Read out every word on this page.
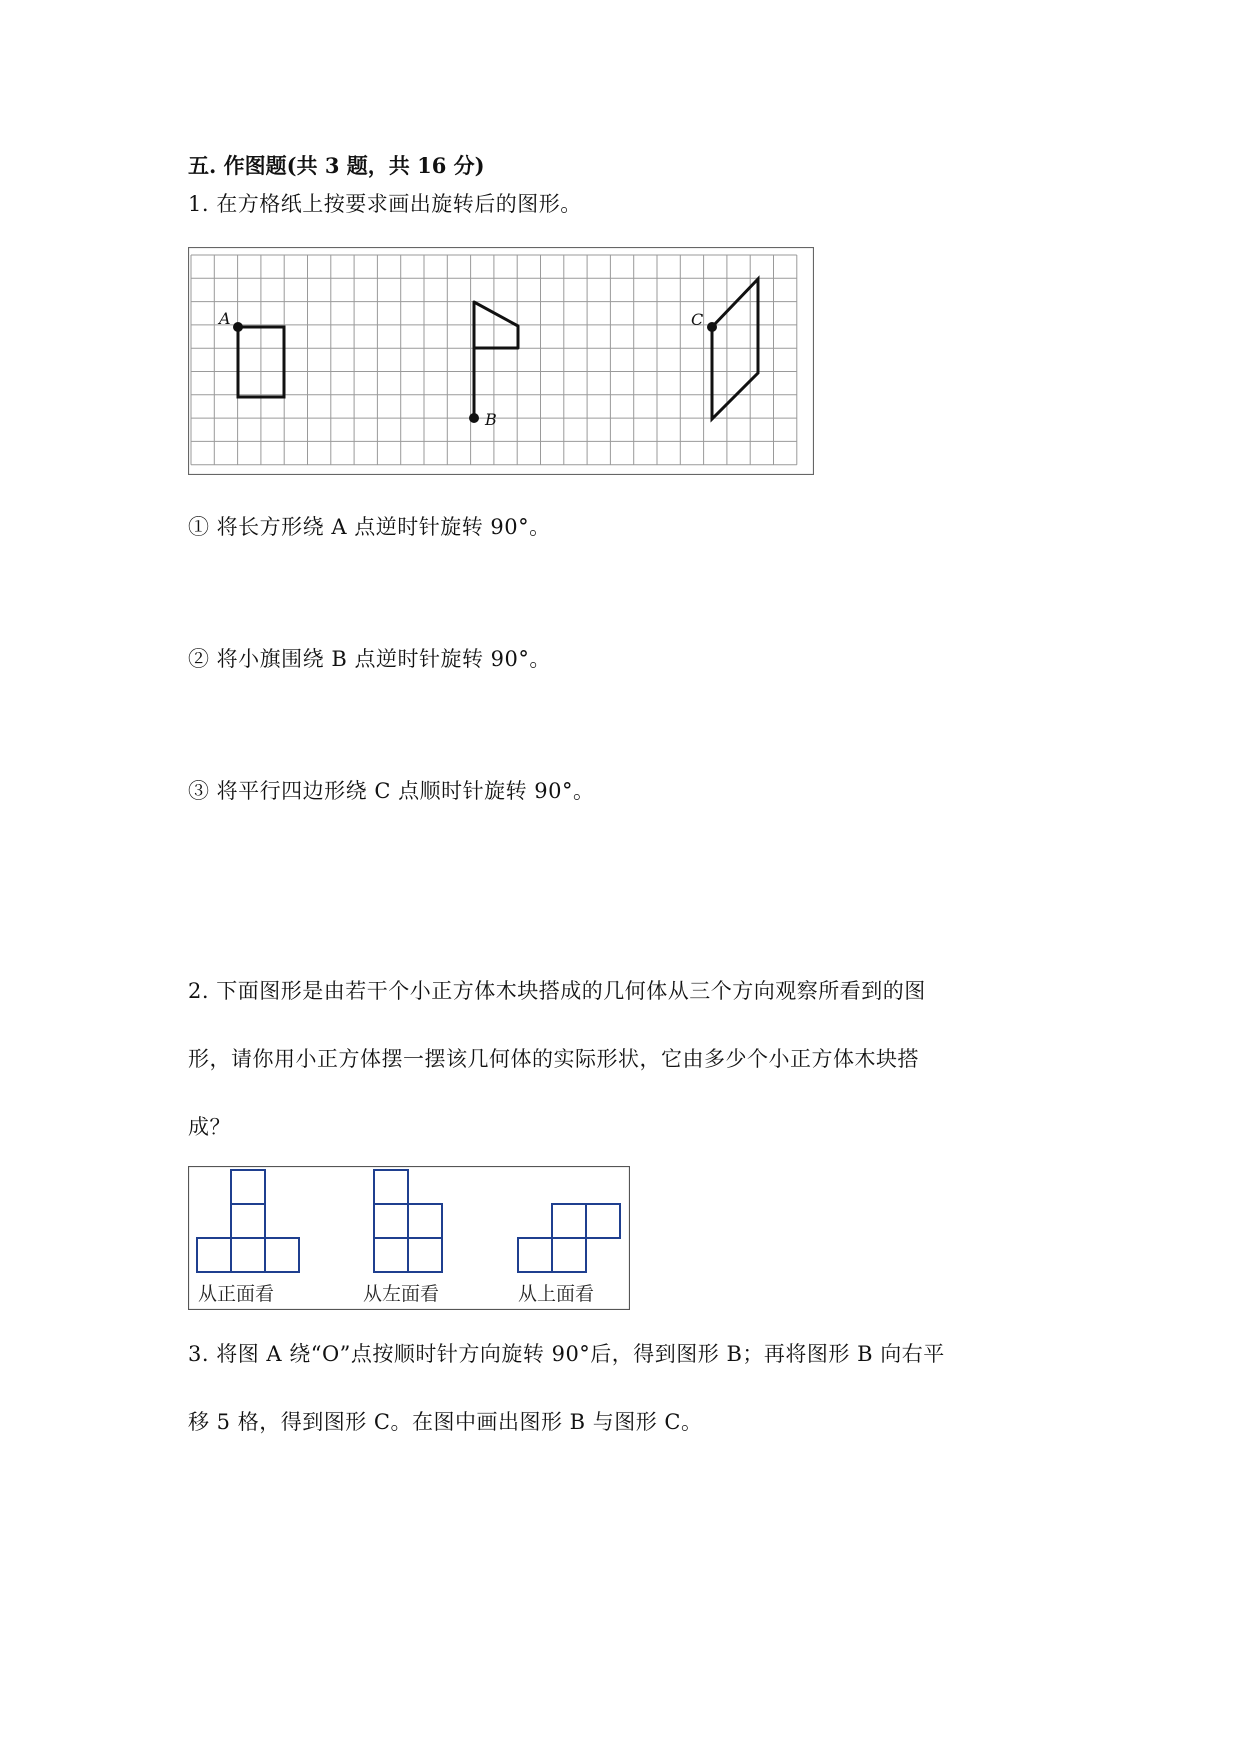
五. 作图题(共 3 题，共 16 分)
1. 在方格纸上按要求画出旋转后的图形。
A
B
C
① 将长方形绕 A 点逆时针旋转 90°。
② 将小旗围绕 B 点逆时针旋转 90°。
③ 将平行四边形绕 C 点顺时针旋转 90°。
2. 下面图形是由若干个小正方体木块搭成的几何体从三个方向观察所看到的图
形，请你用小正方体摆一摆该几何体的实际形状，它由多少个小正方体木块搭
成？
从正面看	从左面看	从上面看
3. 将图 A 绕“O”点按顺时针方向旋转 90°后，得到图形 B；再将图形 B 向右平
移 5 格，得到图形 C。在图中画出图形 B 与图形 C。
